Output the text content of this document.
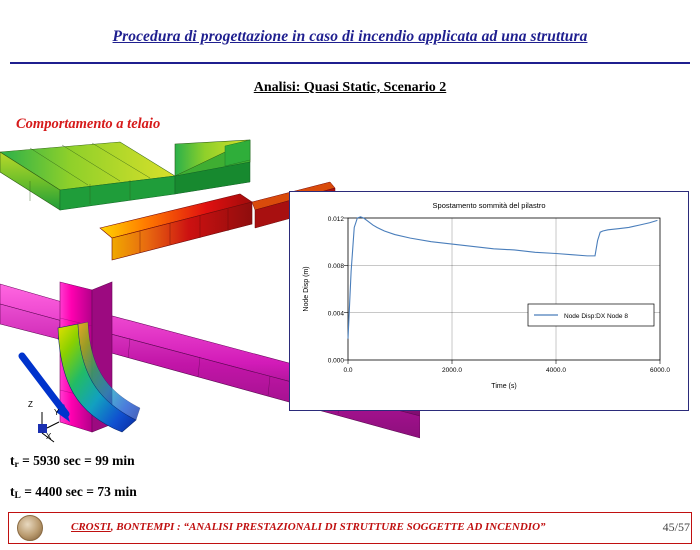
Procedura di progettazione in caso di incendio applicata ad una struttura
Analisi: Quasi Static, Scenario 2
Comportamento a telaio
Z
Y
X
Spostamento sommità del pilastro
0.012
0.008
0.004
0.000
0.0	2000.0	4000.0	6000.0
Time (s)
Node Disp (m)
Node Disp:DX Node 8
$t_r = 5930$ sec = 99 min
$t_L = 4400$ sec = 73 min
CROSTI, BONTEMPI : “ANALISI PRESTAZIONALI DI STRUTTURE SOGGETTE AD INCENDIO”	45/57
